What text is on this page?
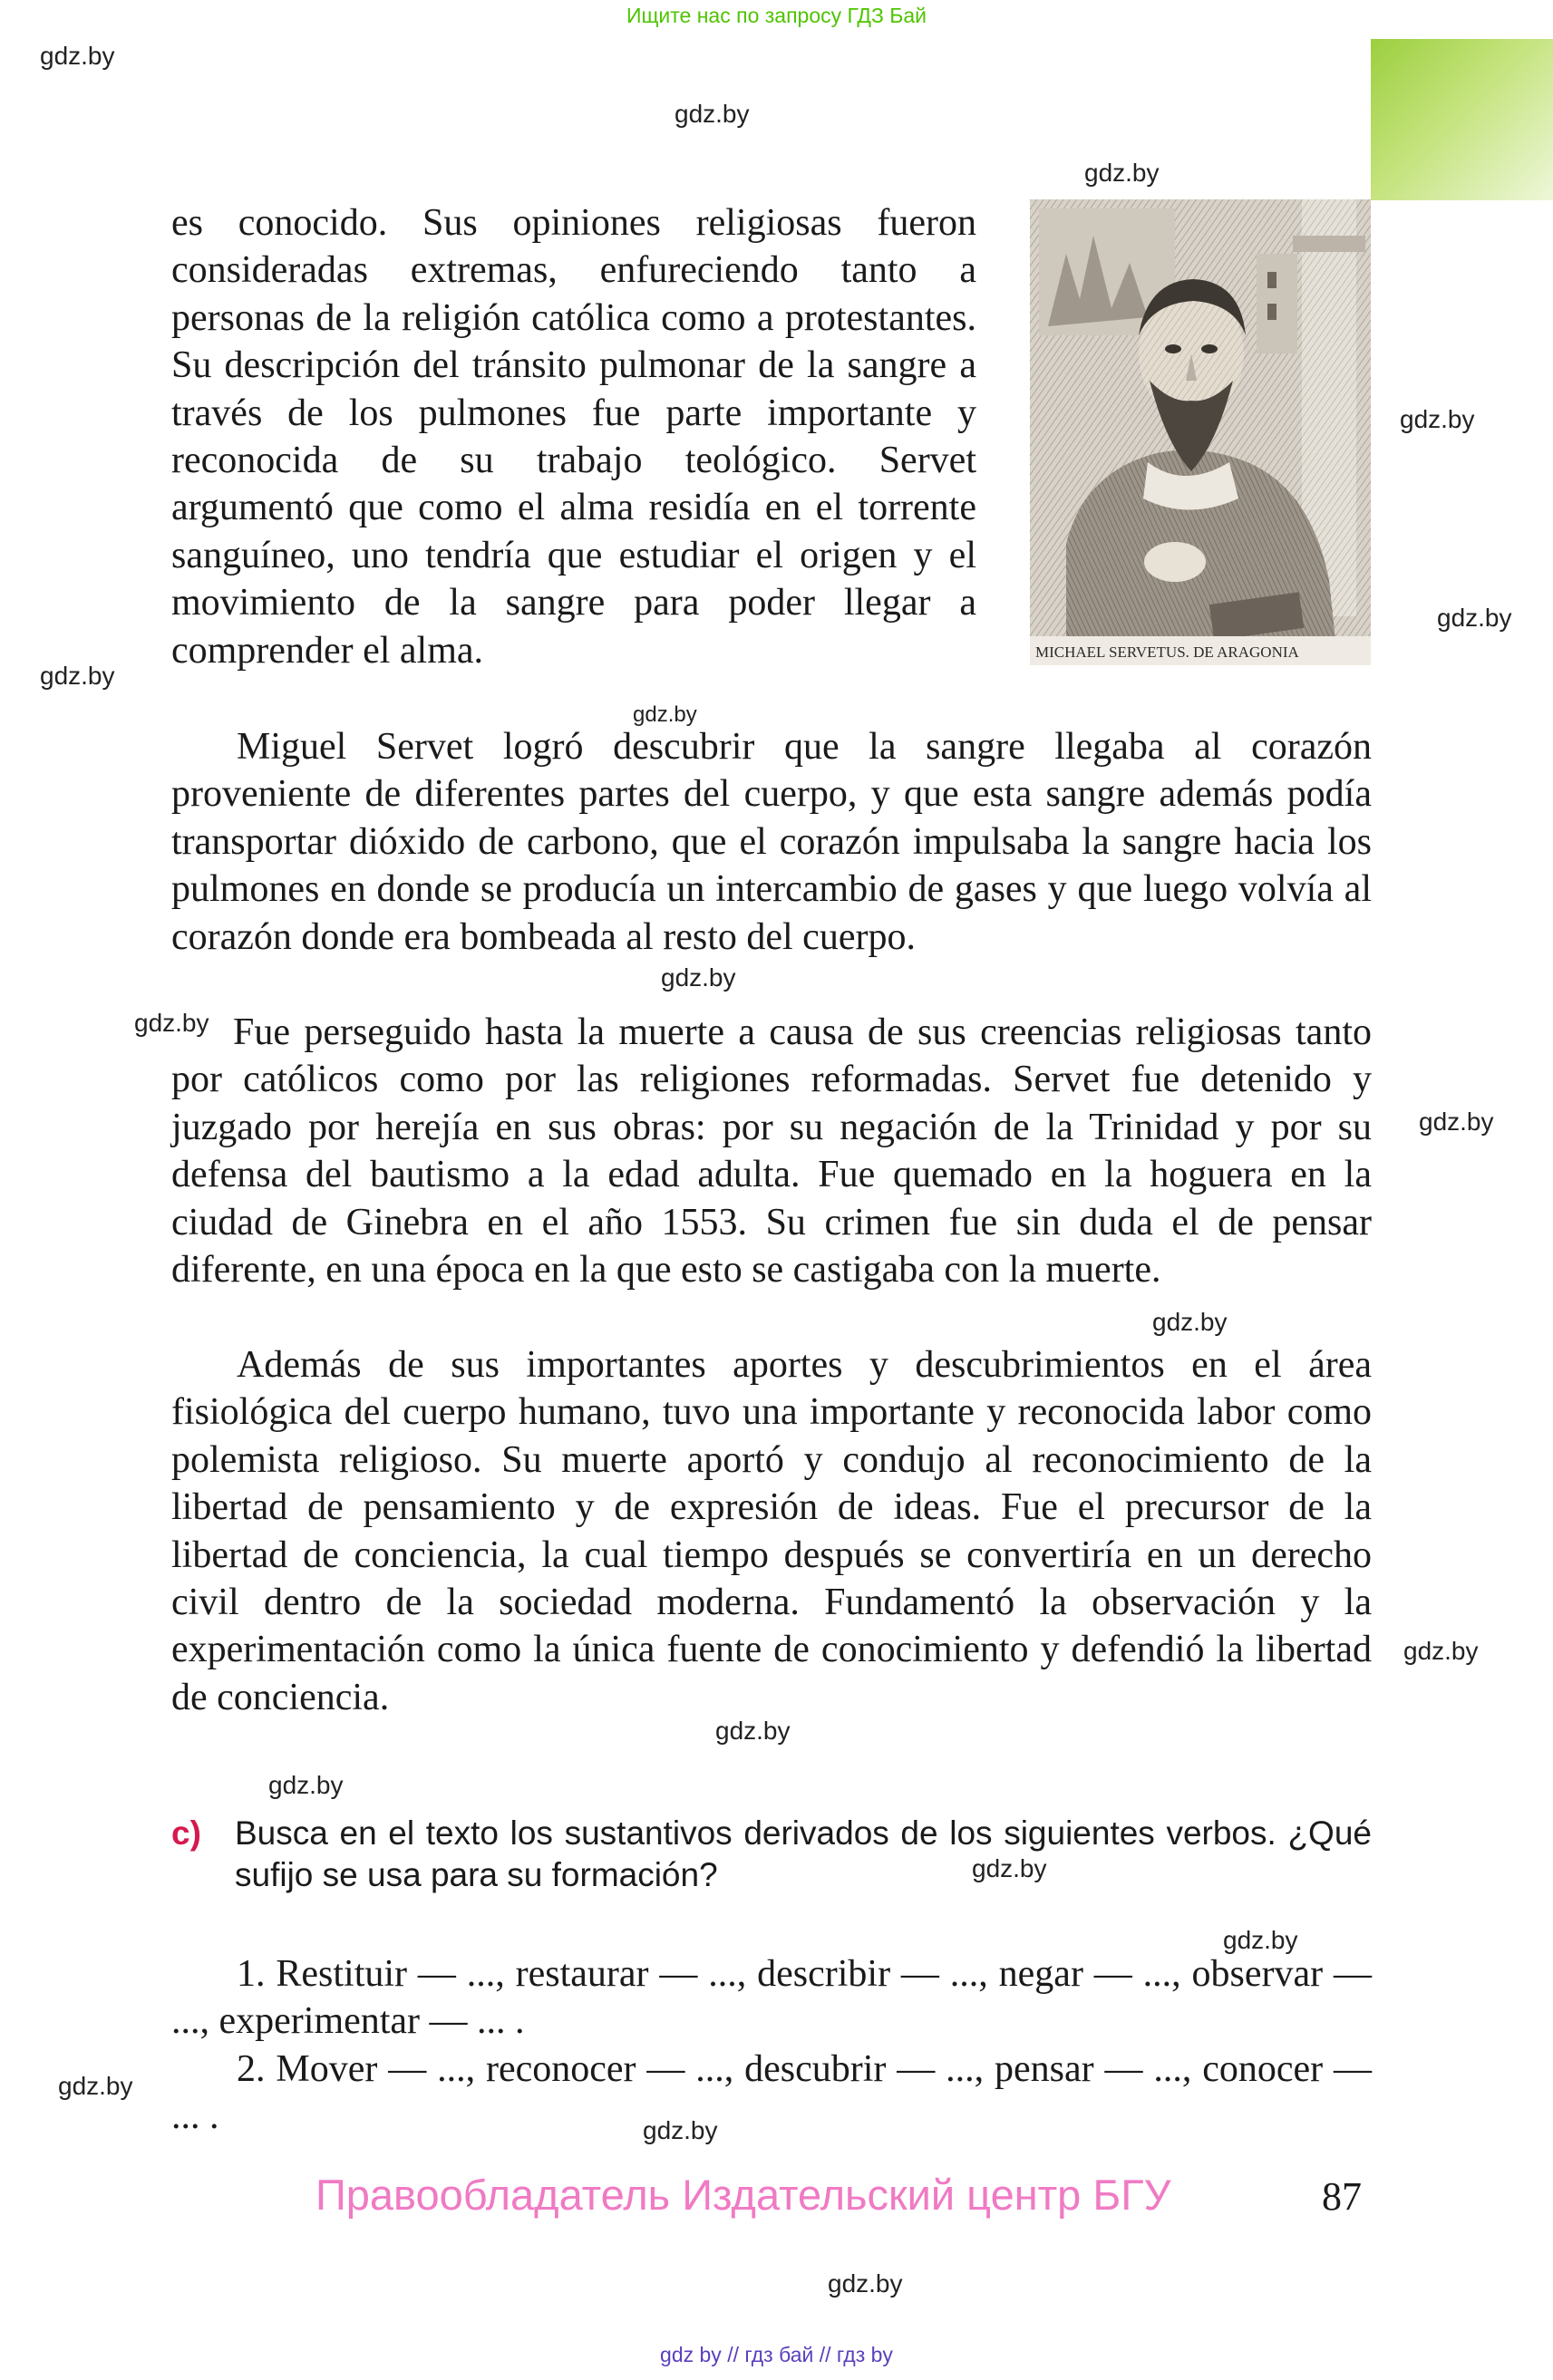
Ищите нас по запросу ГДЗ Бай
gdz.by
gdz.by
gdz.by
gdz.by
gdz.by
gdz.by
gdz.by
gdz.by
gdz.by
gdz.by
gdz.by
gdz.by
gdz.by
gdz.by
gdz.by
gdz.by
gdz.by
gdz.by
gdz.by
es conocido. Sus opiniones religiosas fueron consideradas extremas, enfureciendo tanto a personas de la religión católica como a protestantes. Su descripción del tránsito pulmonar de la sangre a través de los pulmones fue parte importante y reconocida de su trabajo teológico. Servet argumentó que como el alma residía en el torrente sanguíneo, uno tendría que estudiar el origen y el movimiento de la sangre para poder llegar a comprender el alma.	MICHAEL SERVETUS. DE ARAGONIA

Miguel Servet logró descubrir que la sangre llegaba al corazón proveniente de diferentes partes del cuerpo, y que esta sangre además podía transportar dióxido de carbono, que el corazón impulsaba la sangre hacia los pulmones en donde se producía un intercambio de gases y que luego volvía al corazón donde era bombeada al resto del cuerpo.

Fue perseguido hasta la muerte a causa de sus creencias religiosas tanto por católicos como por las religiones reformadas. Servet fue detenido y juzgado por herejía en sus obras: por su negación de la Trinidad y por su defensa del bautismo a la edad adulta. Fue quemado en la hoguera en la ciudad de Ginebra en el año 1553. Su crimen fue sin duda el de pensar diferente, en una época en la que esto se castigaba con la muerte.

Además de sus importantes aportes y descubrimientos en el área fisiológica del cuerpo humano, tuvo una importante y reconocida labor como polemista religioso. Su muerte aportó y condujo al reconocimiento de la libertad de pensamiento y de expresión de ideas. Fue el precursor de la libertad de conciencia, la cual tiempo después se convertiría en un derecho civil dentro de la sociedad moderna. Fundamentó la observación y la experimentación como la única fuente de conocimiento y defendió la libertad de conciencia.

c) Busca en el texto los sustantivos derivados de los siguientes verbos. ¿Qué sufijo se usa para su formación?

1. Restituir — ..., restaurar — ..., describir — ..., negar — ..., observar — ..., experimentar — ... .

2. Mover — ..., reconocer — ..., descubrir — ..., pensar — ..., conocer — ... .

Правообладатель Издательский центр БГУ	87
gdz by // гдз бай // гдз by
